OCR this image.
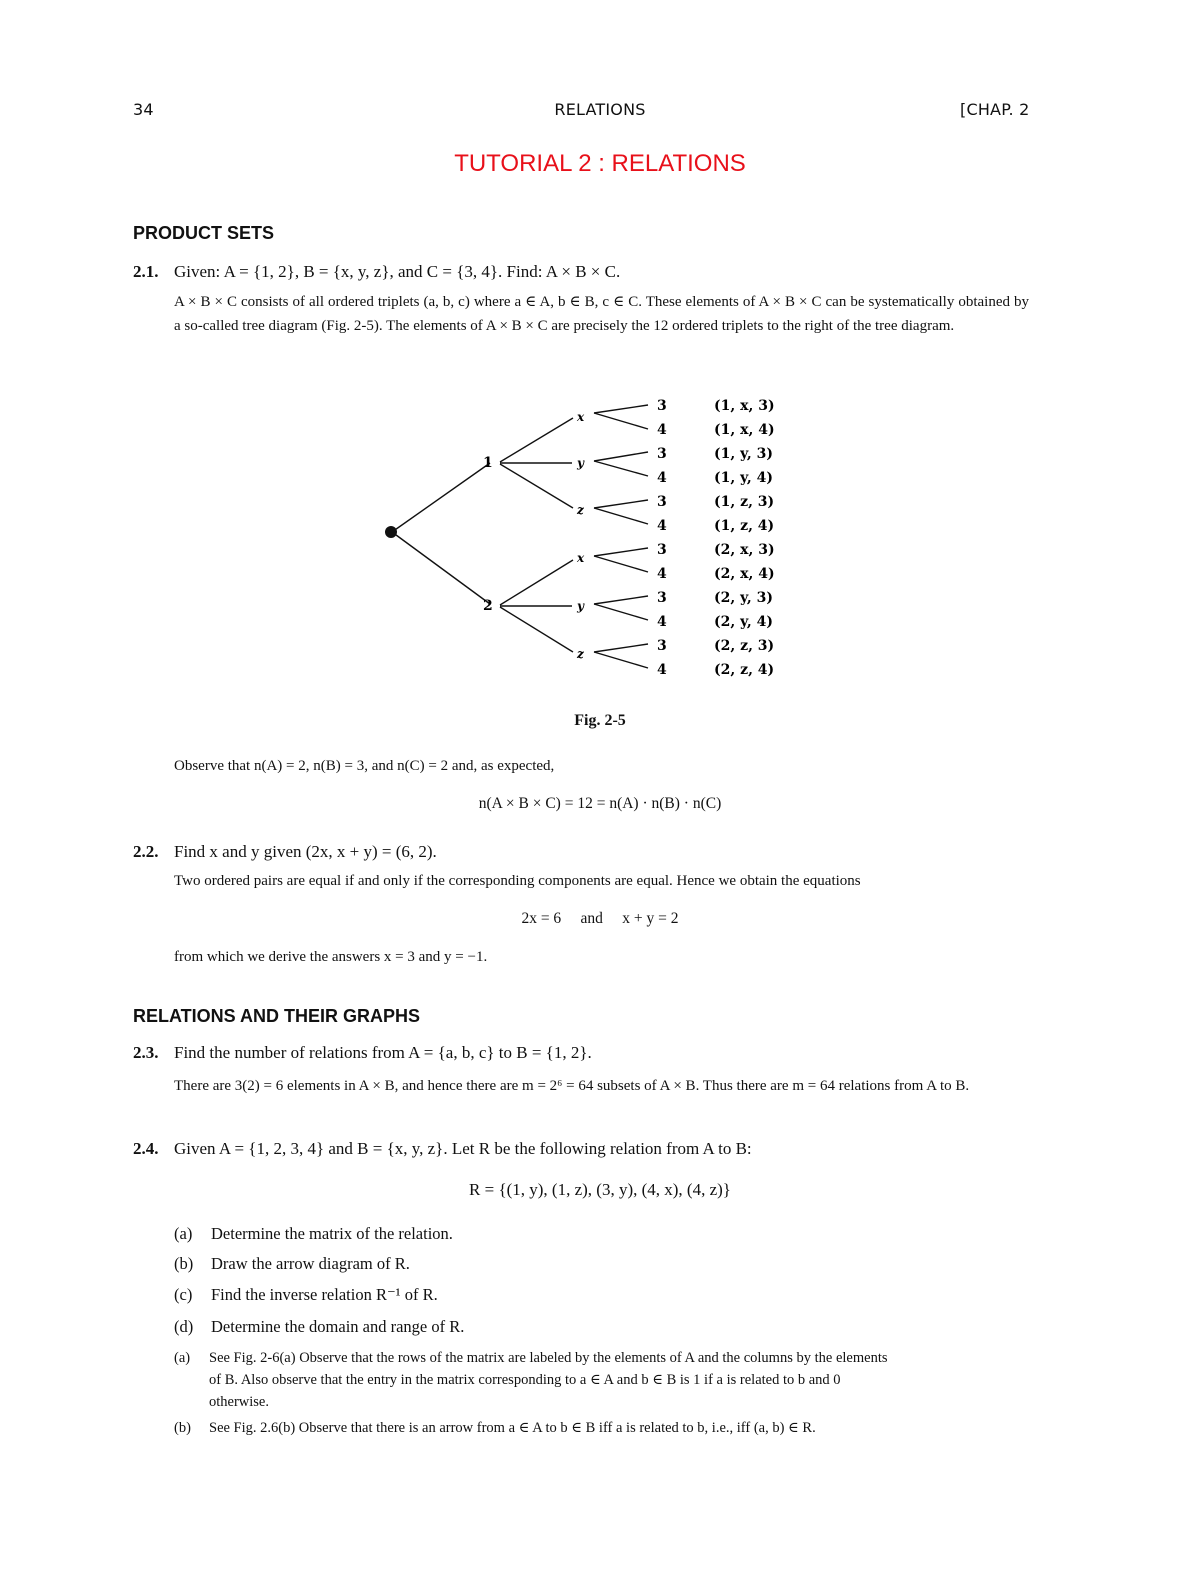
34	RELATIONS	[CHAP. 2
TUTORIAL 2 : RELATIONS
PRODUCT SETS
2.1. Given: A = {1, 2}, B = {x, y, z}, and C = {3, 4}. Find: A × B × C.
A × B × C consists of all ordered triplets (a, b, c) where a ∈ A, b ∈ B, c ∈ C. These elements of A × B × C can be systematically obtained by a so-called tree diagram (Fig. 2-5). The elements of A × B × C are precisely the 12 ordered triplets to the right of the tree diagram.
1
2
x
y
z
x
y
z
3
4
3
4
3
4
3
4
3
4
3
4
(1, x, 3)
(1, x, 4)
(1, y, 3)
(1, y, 4)
(1, z, 3)
(1, z, 4)
(2, x, 3)
(2, x, 4)
(2, y, 3)
(2, y, 4)
(2, z, 3)
(2, z, 4)
Fig. 2-5
Observe that n(A) = 2, n(B) = 3, and n(C) = 2 and, as expected,
n(A × B × C) = 12 = n(A) · n(B) · n(C)
2.2. Find x and y given (2x, x + y) = (6, 2).
Two ordered pairs are equal if and only if the corresponding components are equal. Hence we obtain the equations
2x = 6     and     x + y = 2
from which we derive the answers x = 3 and y = −1.
RELATIONS AND THEIR GRAPHS
2.3. Find the number of relations from A = {a, b, c} to B = {1, 2}.
There are 3(2) = 6 elements in A × B, and hence there are m = 2⁶ = 64 subsets of A × B. Thus there are m = 64 relations from A to B.
2.4. Given A = {1, 2, 3, 4} and B = {x, y, z}. Let R be the following relation from A to B:
R = {(1, y), (1, z), (3, y), (4, x), (4, z)}
(a) Determine the matrix of the relation.
(b) Draw the arrow diagram of R.
(c) Find the inverse relation R⁻¹ of R.
(d) Determine the domain and range of R.
(a) See Fig. 2-6(a) Observe that the rows of the matrix are labeled by the elements of A and the columns by the elements
of B. Also observe that the entry in the matrix corresponding to a ∈ A and b ∈ B is 1 if a is related to b and 0
otherwise.
(b) See Fig. 2.6(b) Observe that there is an arrow from a ∈ A to b ∈ B iff a is related to b, i.e., iff (a, b) ∈ R.
